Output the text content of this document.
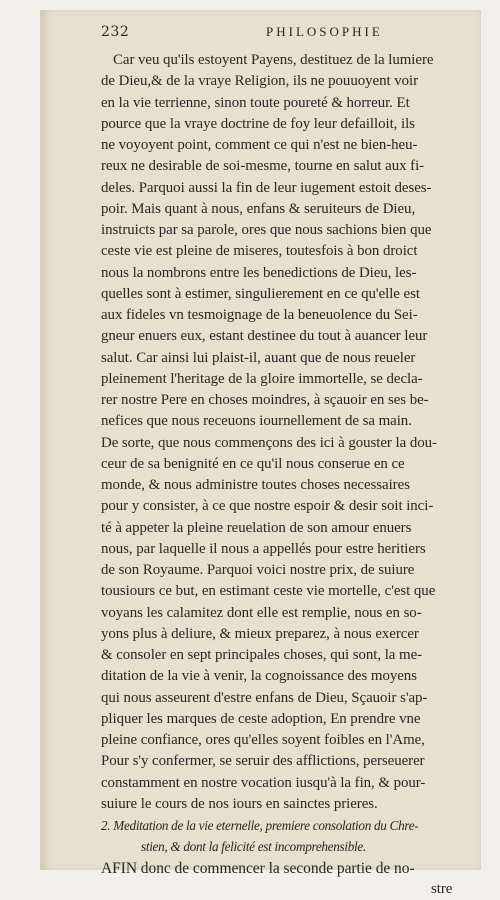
232	PHILOSOPHIE
Car veu qu'ils estoyent Payens, destituez de la lumiere
de Dieu,& de la vraye Religion, ils ne pouuoyent voir
en la vie terrienne, sinon toute poureté & horreur. Et
pource que la vraye doctrine de foy leur defailloit, ils
ne voyoyent point, comment ce qui n'est ne bien-heu-
reux ne desirable de soi-mesme, tourne en salut aux fi-
deles. Parquoi aussi la fin de leur iugement estoit deses-
poir. Mais quant à nous, enfans & seruiteurs de Dieu,
instruicts par sa parole, ores que nous sachions bien que
ceste vie est pleine de miseres, toutesfois à bon droict
nous la nombrons entre les benedictions de Dieu, les-
quelles sont à estimer, singulierement en ce qu'elle est
aux fideles vn tesmoignage de la beneuolence du Sei-
gneur enuers eux, estant destinee du tout à auancer leur
salut. Car ainsi lui plaist-il, auant que de nous reueler
pleinement l'heritage de la gloire immortelle, se decla-
rer nostre Pere en choses moindres, à sçauoir en ses be-
nefices que nous receuons iournellement de sa main.
De sorte, que nous commençons des ici à gouster la dou-
ceur de sa benignité en ce qu'il nous conserue en ce
monde, & nous administre toutes choses necessaires
pour y consister, à ce que nostre espoir & desir soit inci-
té à appeter la pleine reuelation de son amour enuers
nous, par laquelle il nous a appellés pour estre heritiers
de son Royaume. Parquoi voici nostre prix, de suiure
tousiours ce but, en estimant ceste vie mortelle, c'est que
voyans les calamitez dont elle est remplie, nous en so-
yons plus à deliure, & mieux preparez, à nous exercer
& consoler en sept principales choses, qui sont, la me-
ditation de la vie à venir, la cognoissance des moyens
qui nous asseurent d'estre enfans de Dieu, Sçauoir s'ap-
pliquer les marques de ceste adoption, En prendre vne
pleine confiance, ores qu'elles soyent foibles en l'Ame,
Pour s'y confermer, se seruir des afflictions, perseuerer
constamment en nostre vocation iusqu'à la fin, & pour-
suiure le cours de nos iours en sainctes prieres.
2. Meditation de la vie eternelle, premiere consolation du Chre-
stien, & dont la felicité est incomprehensible.
AFIN donc de commencer la seconde partie de no-
stre
